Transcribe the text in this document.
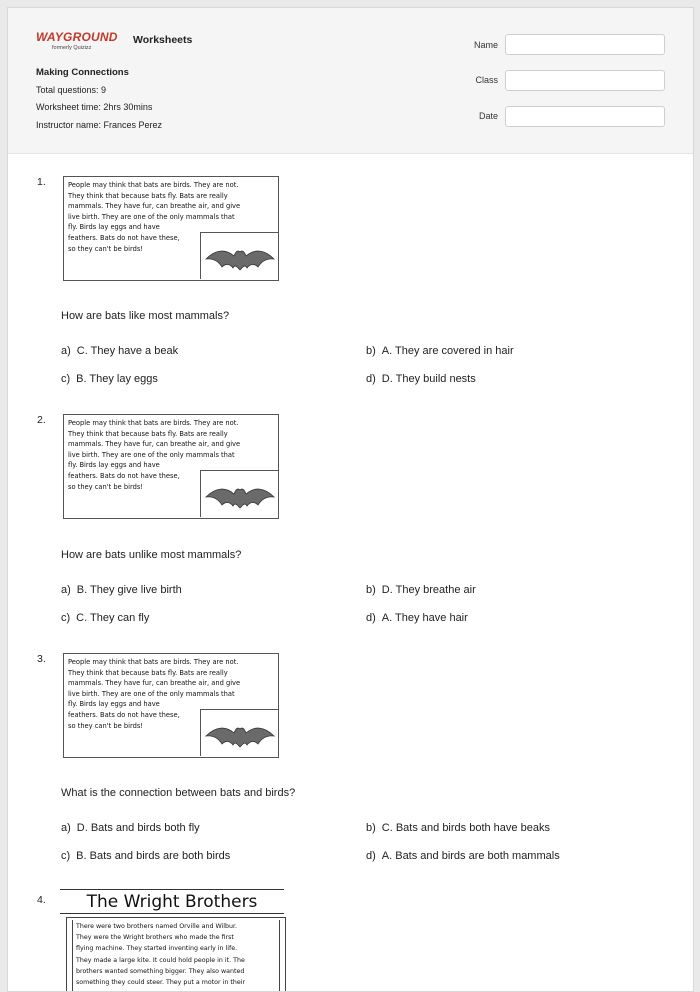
WAYGROUND
formerly Quizizz
Worksheets
Making Connections
Total questions: 9
Worksheet time: 2hrs 30mins
Instructor name: Frances Perez
Name
Class
Date
1.	People may think that bats are birds. They are not.
They think that because bats fly. Bats are really
mammals. They have fur, can breathe air, and give
live birth. They are one of the only mammals that
fly. Birds lay eggs and have
feathers. Bats do not have these,
so they can't be birds!
How are bats like most mammals?
a) C. They have a beak	b) A. They are covered in hair
c) B. They lay eggs	d) D. They build nests
2.	People may think that bats are birds. They are not.
They think that because bats fly. Bats are really
mammals. They have fur, can breathe air, and give
live birth. They are one of the only mammals that
fly. Birds lay eggs and have
feathers. Bats do not have these,
so they can't be birds!
How are bats unlike most mammals?
a) B. They give live birth	b) D. They breathe air
c) C. They can fly	d) A. They have hair
3.	People may think that bats are birds. They are not.
They think that because bats fly. Bats are really
mammals. They have fur, can breathe air, and give
live birth. They are one of the only mammals that
fly. Birds lay eggs and have
feathers. Bats do not have these,
so they can't be birds!
What is the connection between bats and birds?
a) D. Bats and birds both fly	b) C. Bats and birds both have beaks
c) B. Bats and birds are both birds	d) A. Bats and birds are both mammals
4.	The Wright Brothers
There were two brothers named Orville and Wilbur.
They were the Wright brothers who made the first
flying machine. They started inventing early in life.
They made a large kite. It could hold people in it. The
brothers wanted something bigger. They also wanted
something they could steer. They put a motor in their
